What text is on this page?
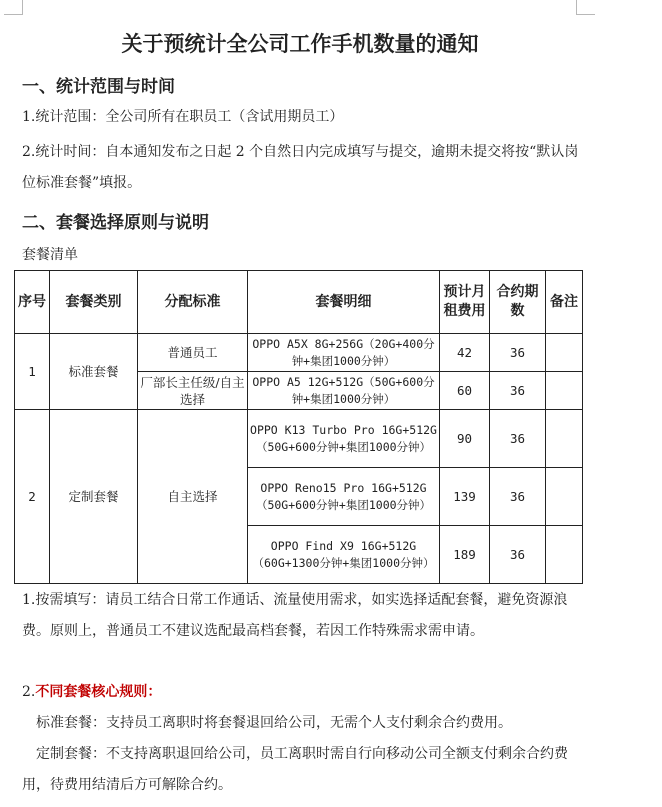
关于预统计全公司工作手机数量的通知
一、统计范围与时间

1.统计范围：全公司所有在职员工（含试用期员工）

2.统计时间：自本通知发布之日起 2 个自然日内完成填写与提交，逾期未提交将按“默认岗位标准套餐”填报。

二、套餐选择原则与说明

套餐清单

序号	套餐类别	分配标准	套餐明细	预计月租费用	合约期数	备注
1	标准套餐	普通员工	OPPO A5X 8G+256G（20G+400分钟+集团1000分钟）	42	36	
		厂部长主任级/自主选择	OPPO A5 12G+512G（50G+600分钟+集团1000分钟）	60	36	
2	定制套餐	自主选择	OPPO K13 Turbo Pro 16G+512G（50G+600分钟+集团1000分钟）	90	36	
			OPPO Reno15 Pro 16G+512G（50G+600分钟+集团1000分钟）	139	36	
			OPPO Find X9 16G+512G（60G+1300分钟+集团1000分钟）	189	36	

1.按需填写：请员工结合日常工作通话、流量使用需求，如实选择适配套餐，避免资源浪费。原则上，普通员工不建议选配最高档套餐，若因工作特殊需求需申请。

2.不同套餐核心规则：

标准套餐：支持员工离职时将套餐退回给公司，无需个人支付剩余合约费用。

定制套餐：不支持离职退回给公司，员工离职时需自行向移动公司全额支付剩余合约费用，待费用结清后方可解除合约。
